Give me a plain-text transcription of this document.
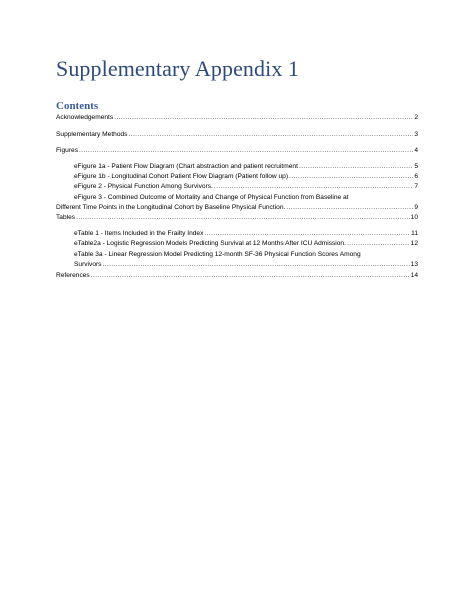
Supplementary Appendix 1
Contents
Acknowledgements .....	2
Supplementary Methods .....	3
Figures .....	4
eFigure 1a - Patient Flow Diagram (Chart abstraction and patient recruitment .....	5
eFigure 1b - Longitudinal Cohort Patient Flow Diagram (Patient follow up) .....	6
eFigure 2 - Physical Function Among Survivors. .....	7
eFigure 3 - Combined Outcome of Mortality and Change of Physical Function from Baseline at
Different Time Points in the Longitudinal Cohort by Baseline Physical Function. .....	9
Tables .....	10
eTable 1 - Items Included in the Frailty Index .....	11
eTable2a - Logistic Regression Models Predicting Survival at 12 Months After ICU Admission. .....	12
eTable 3a - Linear Regression Model Predicting 12-month SF-36 Physical Function Scores Among
Survivors .....	13
References .....	14
